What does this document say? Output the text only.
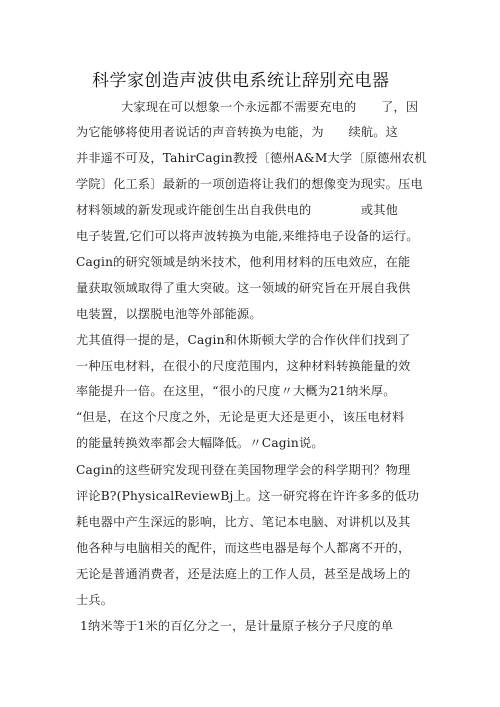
科学家创造声波供电系统让辞别充电器
大家现在可以想象一个永远都不需要充电的　　了，因
为它能够将使用者说话的声音转换为电能，为　　续航。这
并非遥不可及，TahirCagin教授〔德州A&M大学〔原德州农机
学院〕化工系〕最新的一项创造将让我们的想像变为现实。压电
材料领域的新发现或许能创生出自我供电的　　　　或其他
电子装置,它们可以将声波转换为电能,来维持电子设备的运行。
Cagin的研究领域是纳米技术，他利用材料的压电效应，在能
量获取领域取得了重大突破。这一领域的研究旨在开展自我供
电装置，以摆脱电池等外部能源。
尤其值得一提的是，Cagin和休斯顿大学的合作伙伴们找到了
一种压电材料，在很小的尺度范围内，这种材料转换能量的效
率能提升一倍。在这里，“很小的尺度〃大概为21纳米厚。
“但是，在这个尺度之外，无论是更大还是更小，该压电材料
的能量转换效率都会大幅降低。〃Cagin说。
Cagin的这些研究发现刊登在美国物理学会的科学期刊？物理
评论B?(PhysicalReviewBj上。这一研究将在许许多多的低功
耗电器中产生深远的影响，比方、笔记本电脑、对讲机以及其
他各种与电脑相关的配件，而这些电器是每个人都离不开的，
无论是普通消费者，还是法庭上的工作人员，甚至是战场上的
士兵。
1纳米等于1米的百亿分之一，是计量原子核分子尺度的单
